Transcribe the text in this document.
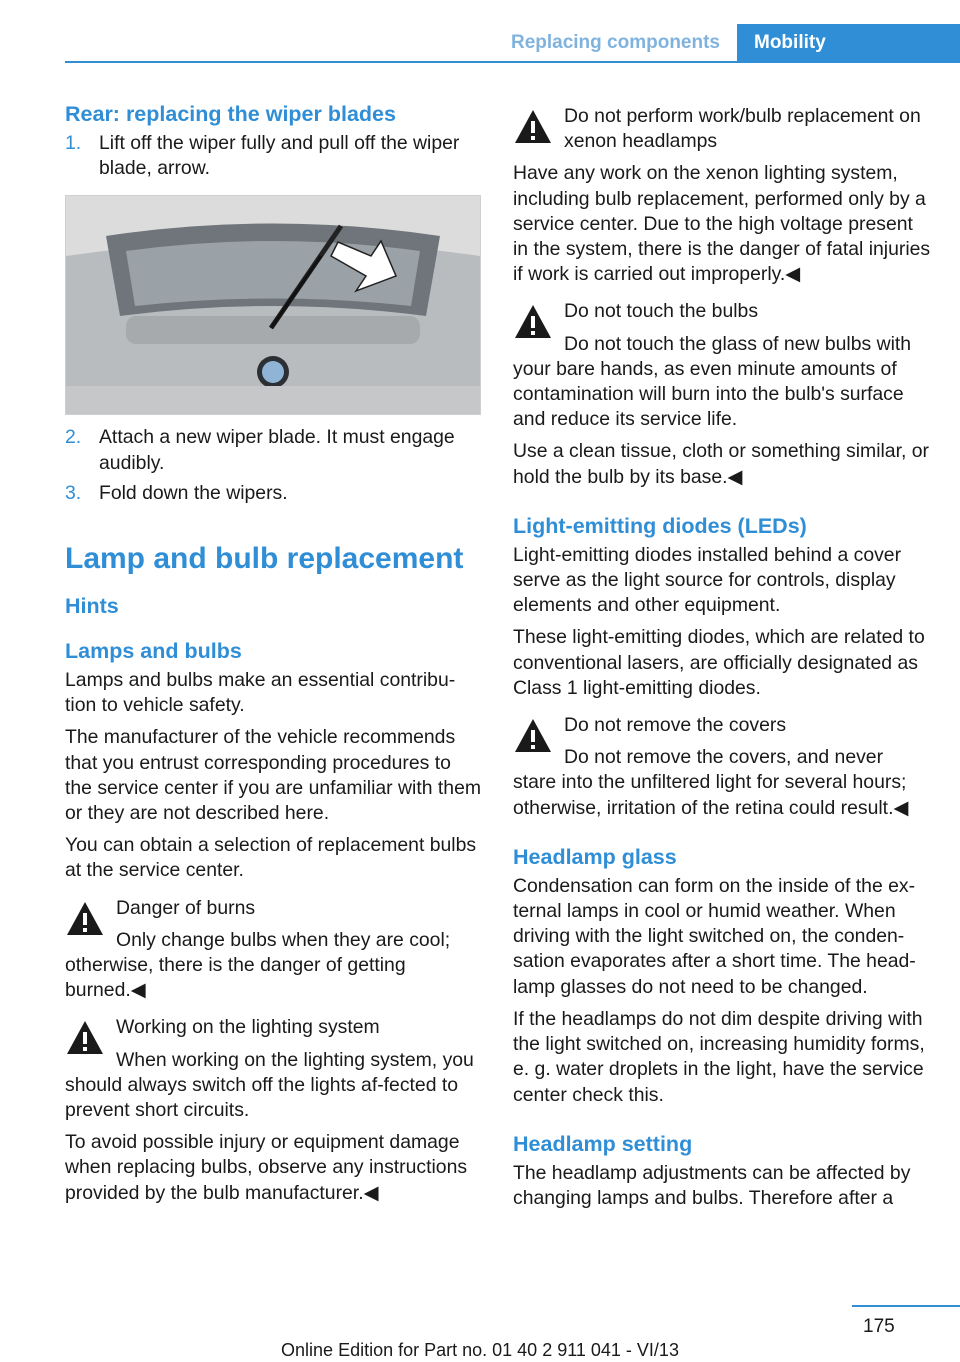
Replacing components	Mobility
Rear: replacing the wiper blades
1. Lift off the wiper fully and pull off the wiper blade, arrow.
2. Attach a new wiper blade. It must engage audibly.
3. Fold down the wipers.
Lamp and bulb replacement
Hints
Lamps and bulbs

Lamps and bulbs make an essential contribu‐tion to vehicle safety.

The manufacturer of the vehicle recommends that you entrust corresponding procedures to the service center if you are unfamiliar with them or they are not described here.

You can obtain a selection of replacement bulbs at the service center.

Danger of burns

Only change bulbs when they are cool; otherwise, there is the danger of getting burned.◀

Working on the lighting system

When working on the lighting system, you should always switch off the lights af‐fected to prevent short circuits.

To avoid possible injury or equipment damage when replacing bulbs, observe any instructions provided by the bulb manufacturer.◀

Do not perform work/bulb replacement on xenon headlamps

Have any work on the xenon lighting system, including bulb replacement, performed only by a service center. Due to the high voltage present in the system, there is the danger of fatal injuries if work is carried out improperly.◀

Do not touch the bulbs

Do not touch the glass of new bulbs with your bare hands, as even minute amounts of contamination will burn into the bulb's surface and reduce its service life.

Use a clean tissue, cloth or something similar, or hold the bulb by its base.◀

Light-emitting diodes (LEDs)

Light-emitting diodes installed behind a cover serve as the light source for controls, display elements and other equipment.

These light-emitting diodes, which are related to conventional lasers, are officially designated as Class 1 light-emitting diodes.

Do not remove the covers

Do not remove the covers, and never stare into the unfiltered light for several hours; otherwise, irritation of the retina could result.◀

Headlamp glass

Condensation can form on the inside of the ex‐ternal lamps in cool or humid weather. When driving with the light switched on, the conden‐sation evaporates after a short time. The head‐lamp glasses do not need to be changed.

If the headlamps do not dim despite driving with the light switched on, increasing humidity forms, e. g. water droplets in the light, have the service center check this.

Headlamp setting

The headlamp adjustments can be affected by changing lamps and bulbs. Therefore after a

175
Online Edition for Part no. 01 40 2 911 041 - VI/13
